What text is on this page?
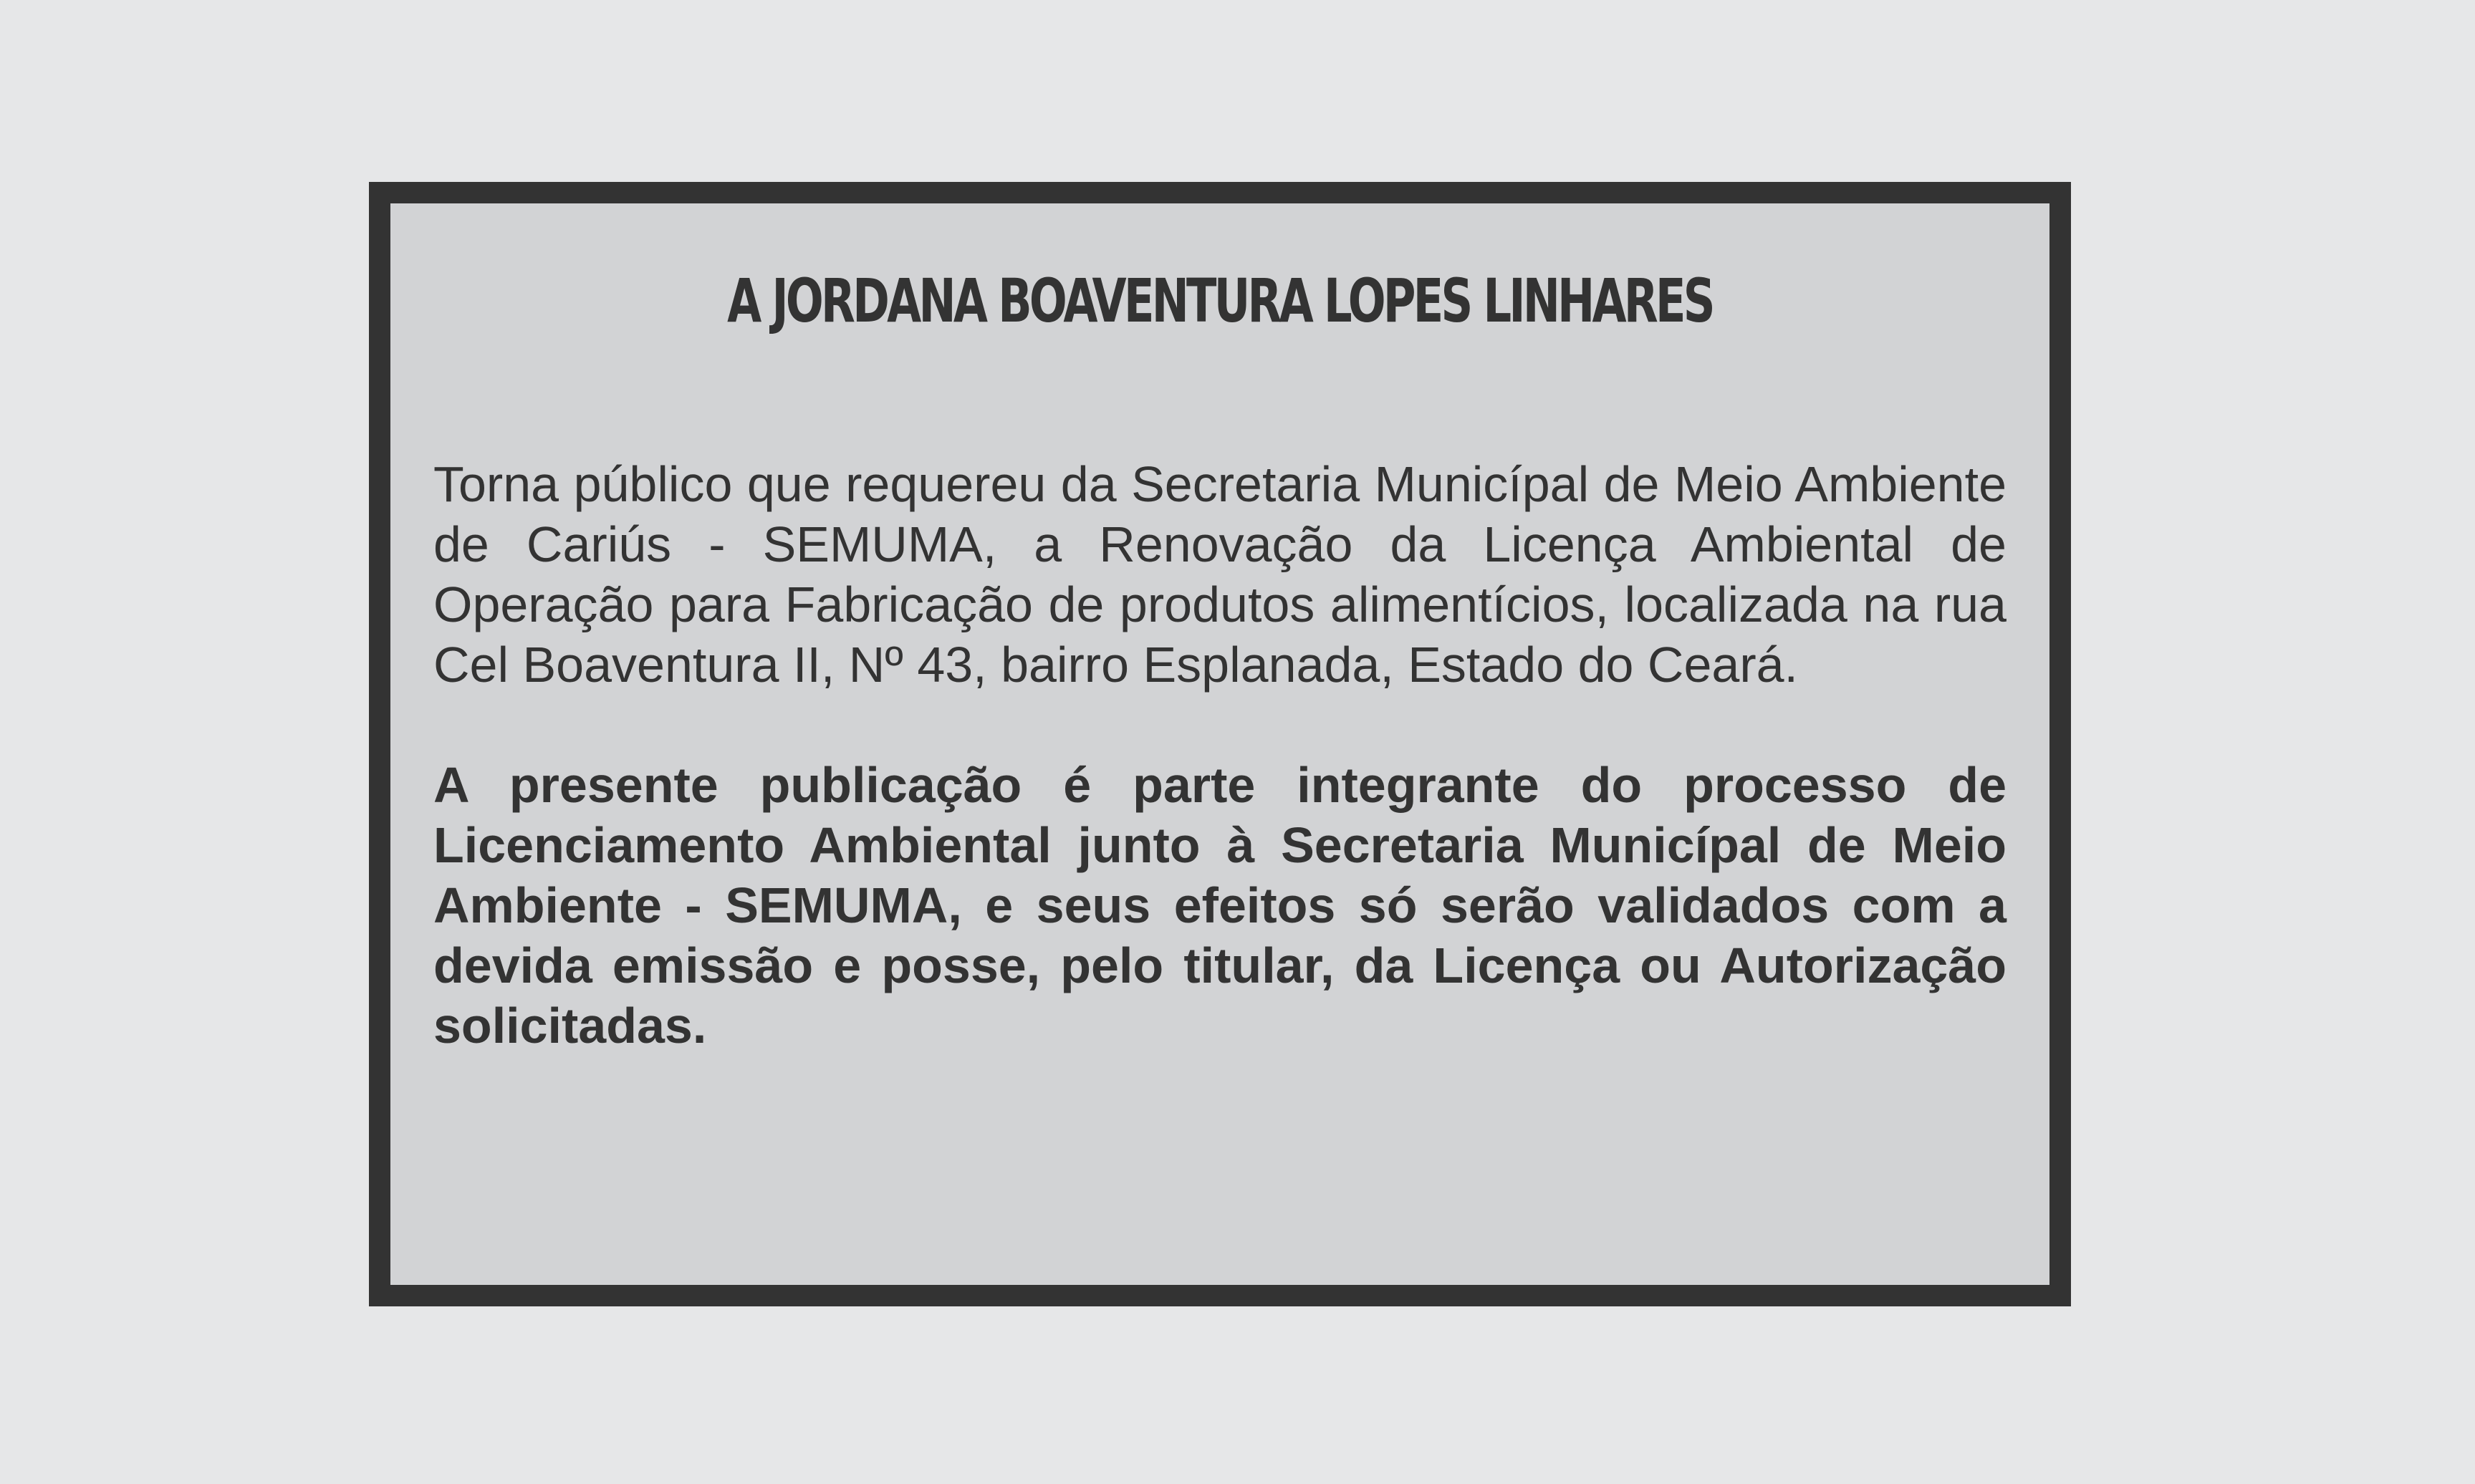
A JORDANA BOAVENTURA LOPES LINHARES

Torna público que requereu da Secretaria Municípal de Meio Ambiente de Cariús - SEMUMA, a Renovação da Licença Ambiental de Operação para Fabricação de produtos alimentícios, localizada na rua Cel Boaventura II, Nº 43, bairro Esplanada, Estado do Ceará.

A presente publicação é parte integrante do processo de Licenciamento Ambiental junto à Secretaria Municípal de Meio Ambiente - SEMUMA, e seus efeitos só serão validados com a devida emissão e posse, pelo titular, da Licença ou Autorização solicitadas.
